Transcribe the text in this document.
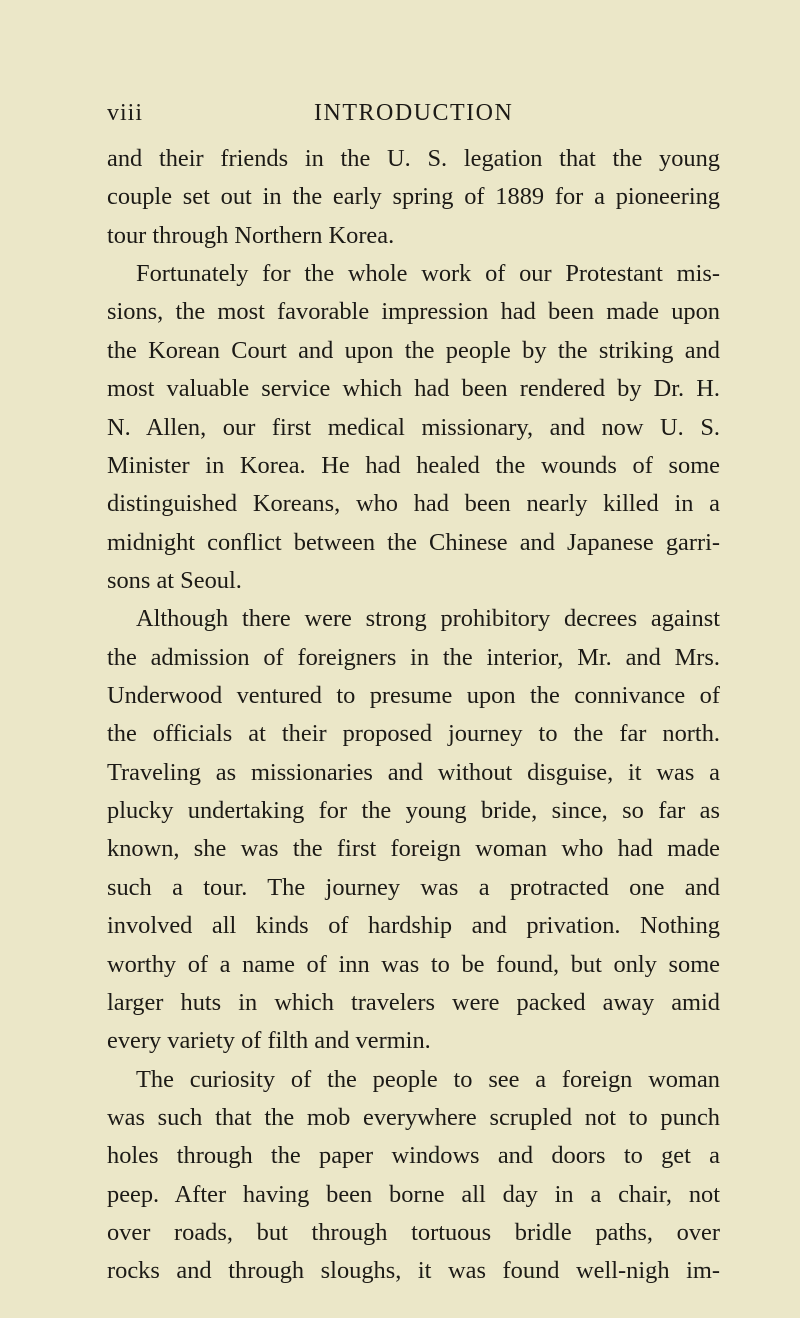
viii	INTRODUCTION
and their friends in the U. S. legation that the young
couple set out in the early spring of 1889 for a pioneering
tour through Northern Korea.
Fortunately for the whole work of our Protestant mis-
sions, the most favorable impression had been made upon
the Korean Court and upon the people by the striking and
most valuable service which had been rendered by Dr. H.
N. Allen, our first medical missionary, and now U. S.
Minister in Korea. He had healed the wounds of some
distinguished Koreans, who had been nearly killed in a
midnight conflict between the Chinese and Japanese garri-
sons at Seoul.
Although there were strong prohibitory decrees against
the admission of foreigners in the interior, Mr. and Mrs.
Underwood ventured to presume upon the connivance of
the officials at their proposed journey to the far north.
Traveling as missionaries and without disguise, it was a
plucky undertaking for the young bride, since, so far as
known, she was the first foreign woman who had made
such a tour. The journey was a protracted one and
involved all kinds of hardship and privation. Nothing
worthy of a name of inn was to be found, but only some
larger huts in which travelers were packed away amid
every variety of filth and vermin.
The curiosity of the people to see a foreign woman
was such that the mob everywhere scrupled not to punch
holes through the paper windows and doors to get a
peep. After having been borne all day in a chair, not
over roads, but through tortuous bridle paths, over
rocks and through sloughs, it was found well-nigh im-
